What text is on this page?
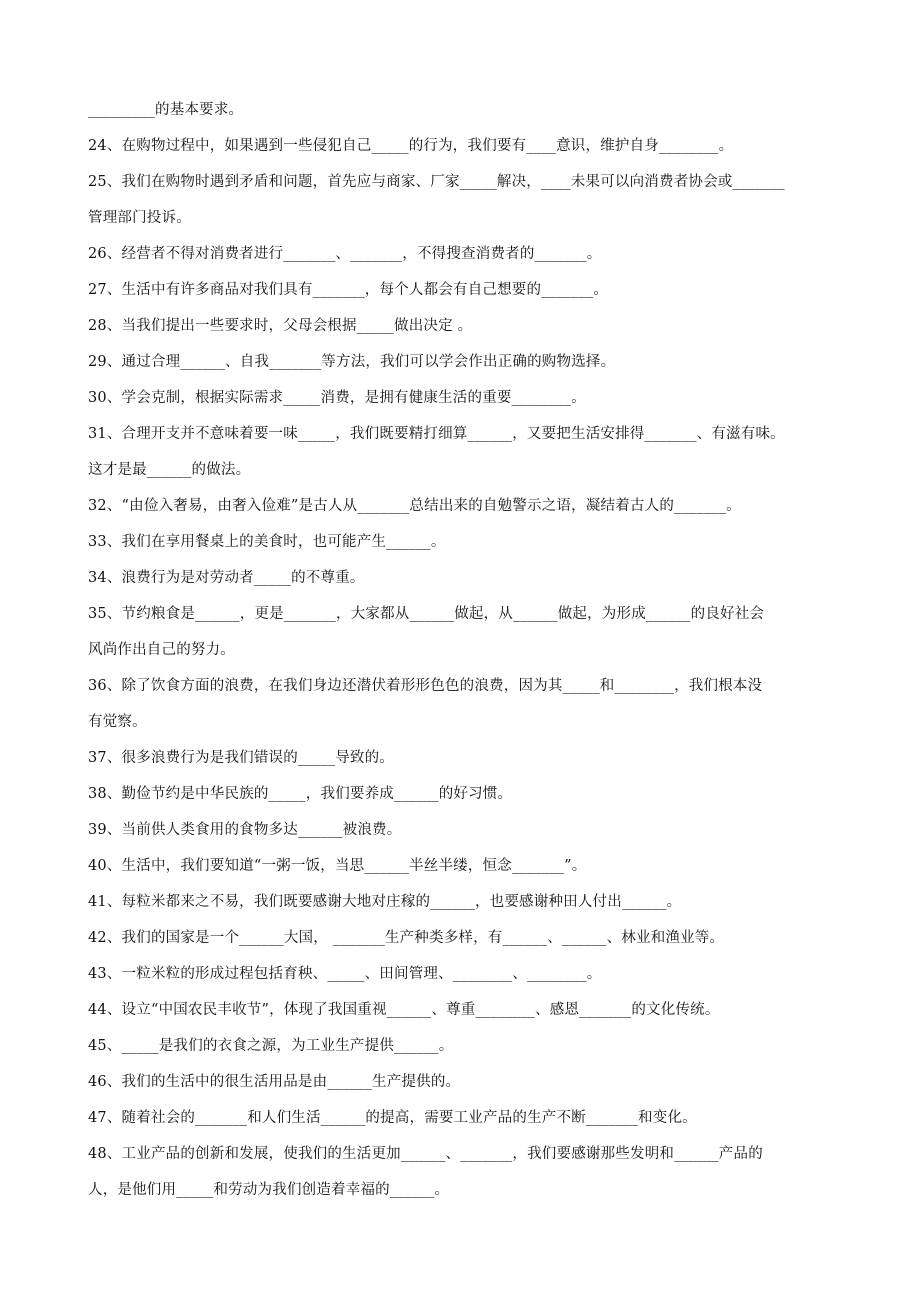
_________的基本要求。
24、在购物过程中，如果遇到一些侵犯自己_____的行为，我们要有____意识，维护自身________。
25、我们在购物时遇到矛盾和问题，首先应与商家、厂家_____解决，____未果可以向消费者协会或_______
管理部门投诉。
26、经营者不得对消费者进行_______、_______，不得搜查消费者的_______。
27、生活中有许多商品对我们具有_______，每个人都会有自己想要的_______。
28、当我们提出一些要求时，父母会根据_____做出决定 。
29、通过合理______、自我_______等方法，我们可以学会作出正确的购物选择。
30、学会克制，根据实际需求_____消费，是拥有健康生活的重要________。
31、合理开支并不意味着要一味_____，我们既要精打细算______，又要把生活安排得_______、有滋有味。
这才是最______的做法。
32、“由俭入奢易，由奢入俭难”是古人从_______总结出来的自勉警示之语，凝结着古人的_______。
33、我们在享用餐桌上的美食时，也可能产生______。
34、浪费行为是对劳动者_____的不尊重。
35、节约粮食是______，更是_______，大家都从______做起，从______做起，为形成______的良好社会
风尚作出自己的努力。
36、除了饮食方面的浪费，在我们身边还潜伏着形形色色的浪费，因为其_____和________，我们根本没
有觉察。
37、很多浪费行为是我们错误的_____导致的。
38、勤俭节约是中华民族的_____，我们要养成______的好习惯。
39、当前供人类食用的食物多达______被浪费。
40、生活中，我们要知道“一粥一饭，当思______半丝半缕，恒念_______”。
41、每粒米都来之不易，我们既要感谢大地对庄稼的______，也要感谢种田人付出______。
42、我们的国家是一个______大国， _______生产种类多样，有______、______、林业和渔业等。
43、一粒米粒的形成过程包括育秧、_____、田间管理、________、________。
44、设立“中国农民丰收节”，体现了我国重视______、尊重________、感恩_______的文化传统。
45、_____是我们的衣食之源，为工业生产提供______。
46、我们的生活中的很生活用品是由______生产提供的。
47、随着社会的_______和人们生活______的提高，需要工业产品的生产不断_______和变化。
48、工业产品的创新和发展，使我们的生活更加______、_______，我们要感谢那些发明和______产品的
人，是他们用_____和劳动为我们创造着幸福的______。
